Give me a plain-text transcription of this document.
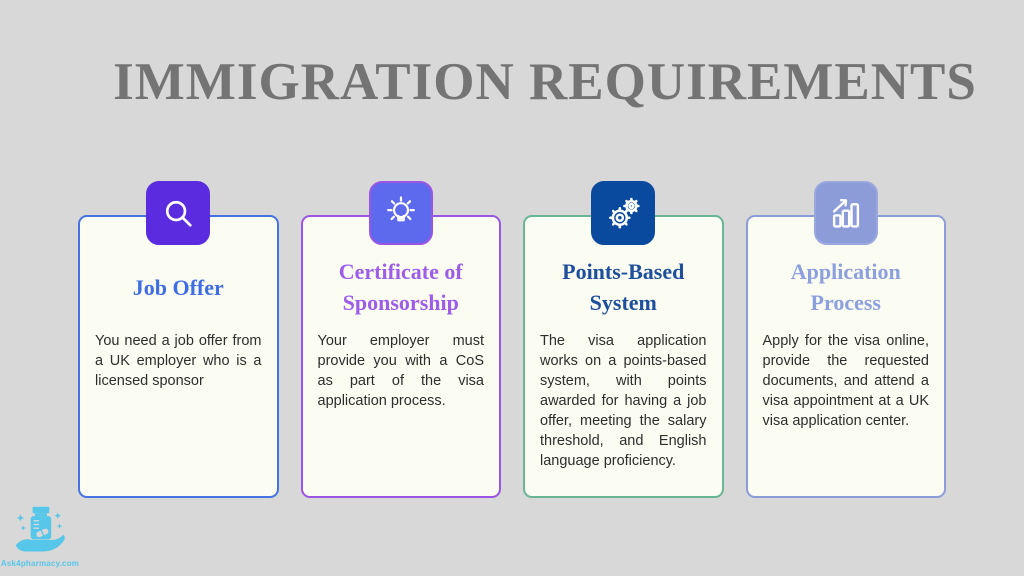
IMMIGRATION REQUIREMENTS
Job Offer

You need a job offer from a UK employer who is a licensed sponsor

Certificate of Sponsorship

Your employer must provide you with a CoS as part of the visa application process.

Points-Based System

The visa application works on a points-based system, with points awarded for having a job offer, meeting the salary threshold, and English language proficiency.

Application Process

Apply for the visa online, provide the requested documents, and attend a visa appointment at a UK visa application center.

Ask4pharmacy.com
